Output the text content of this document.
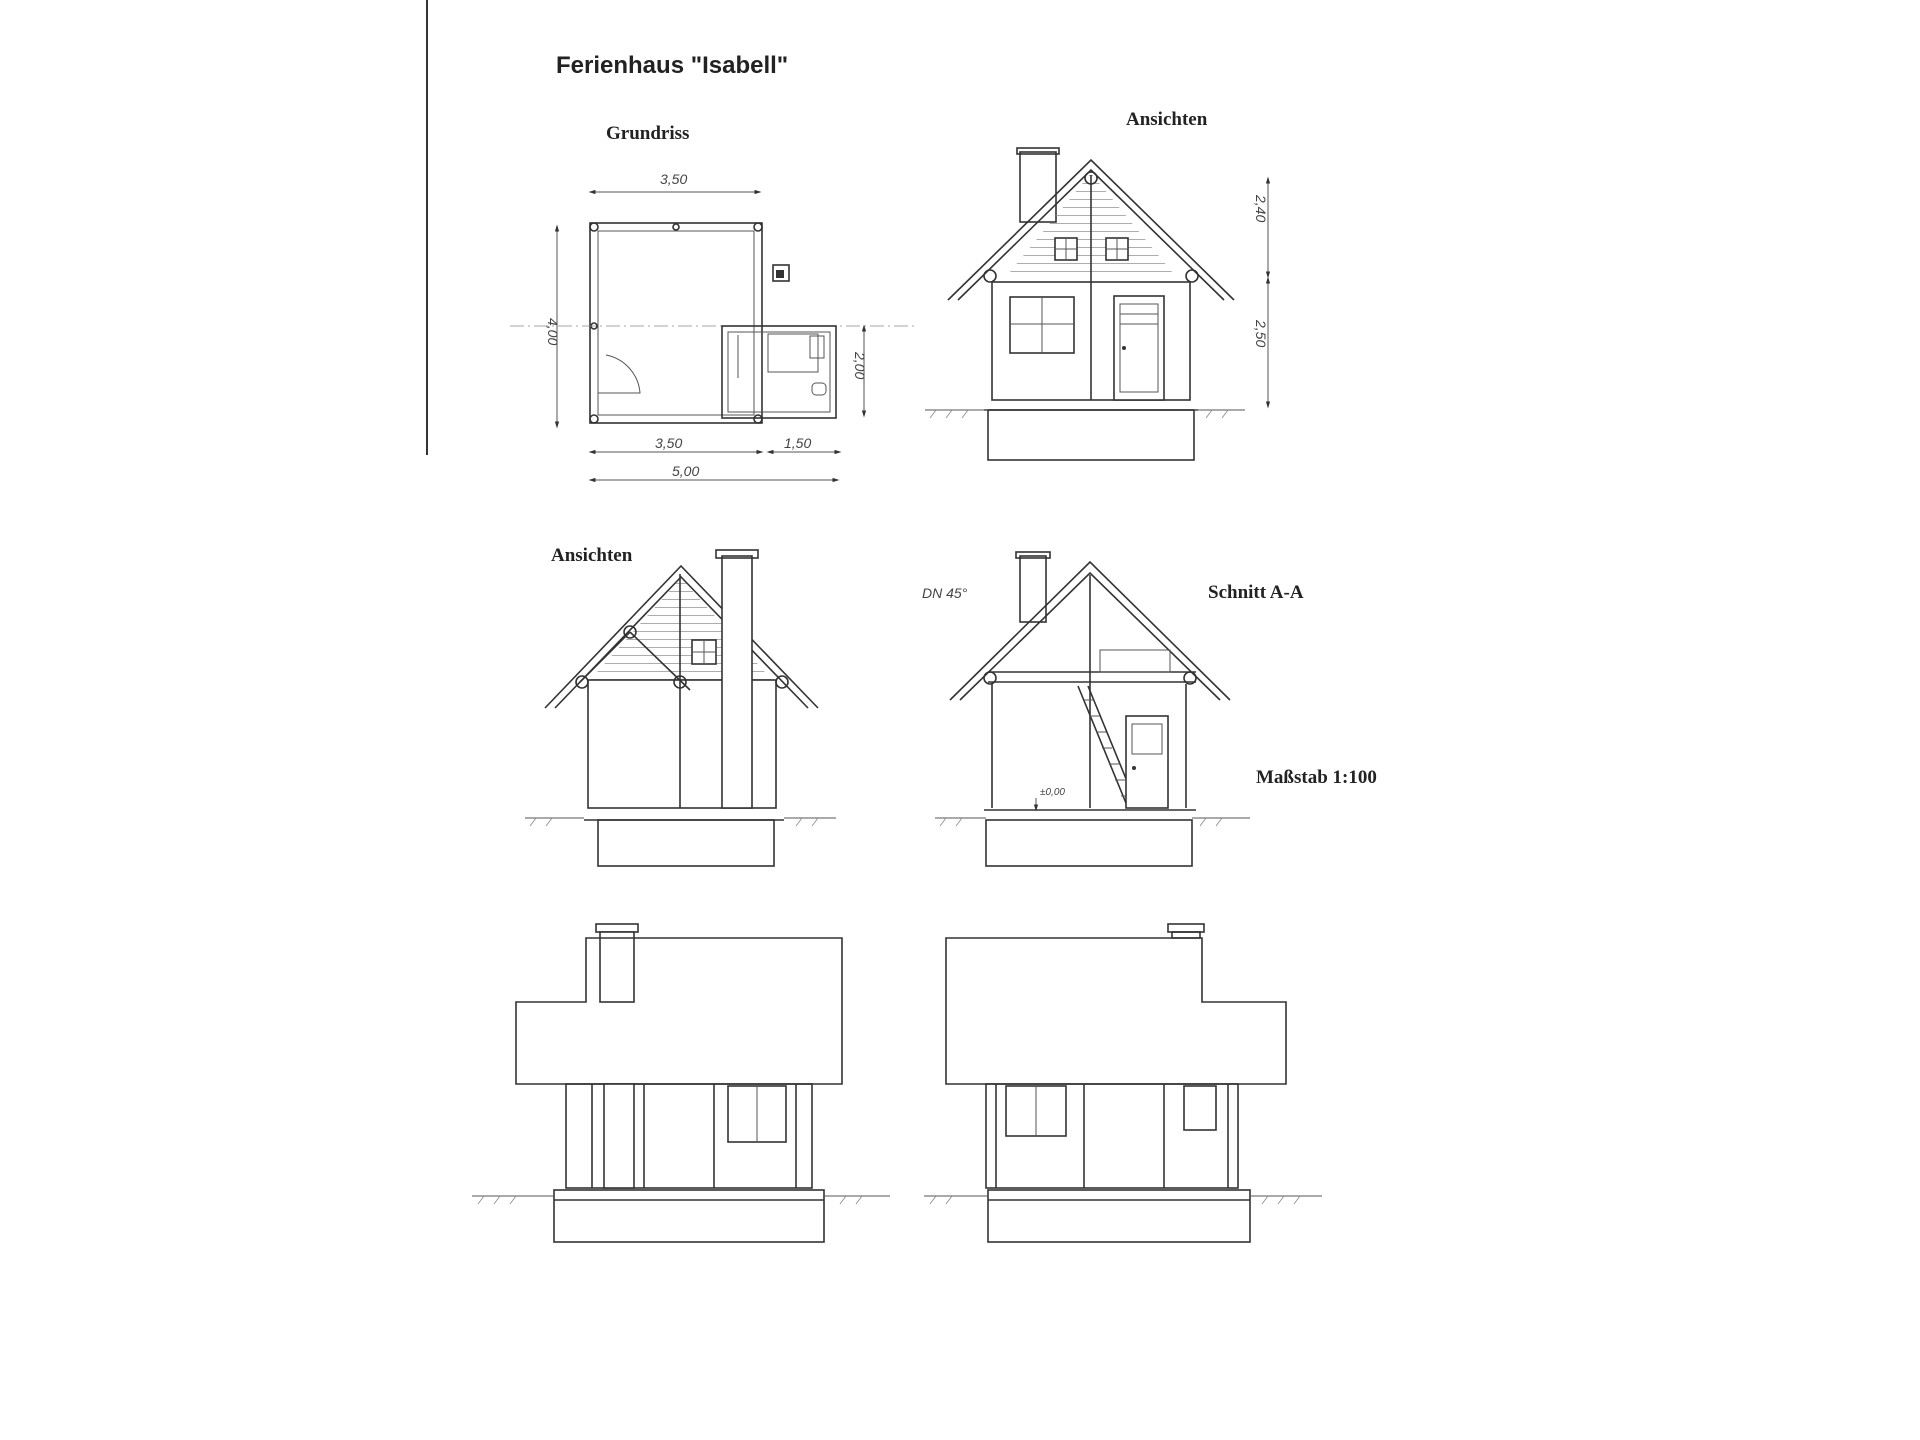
Ferienhaus "Isabell"
Grundriss
Ansichten
Ansichten
Schnitt A-A
Maßstab 1:100
3,50
4,00
2,00
3,50	1,50
5,00
2,40
2,50
DN 45°
±0,00
